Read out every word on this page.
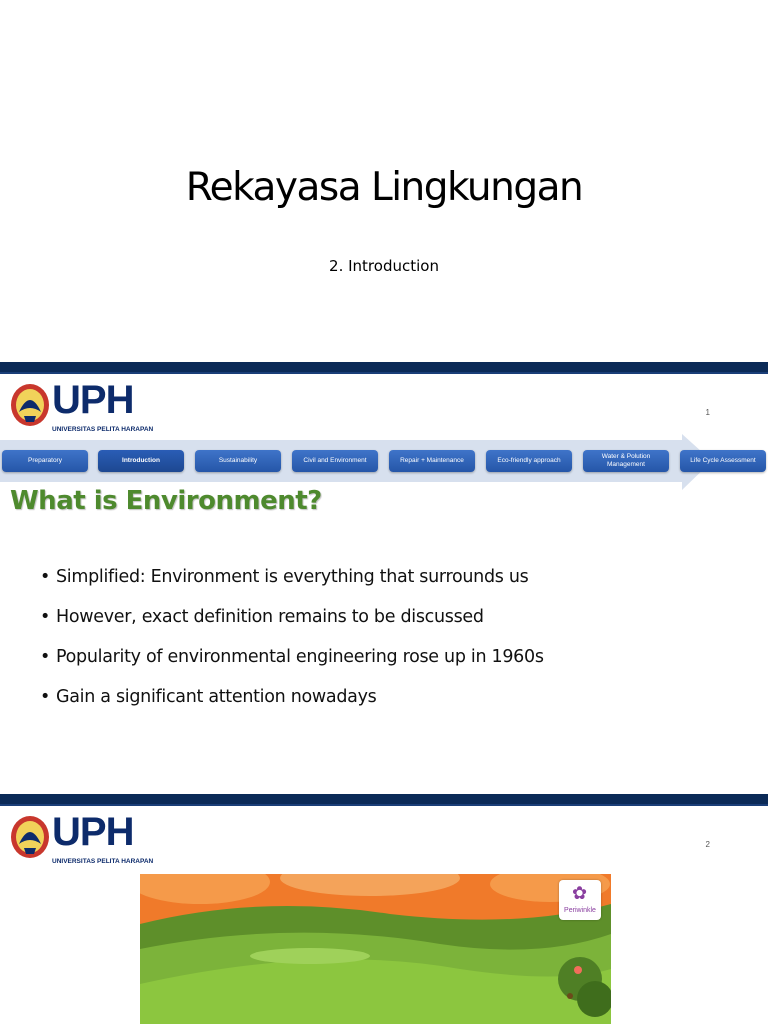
Rekayasa Lingkungan
2. Introduction
UPH
UNIVERSITAS PELITA HARAPAN
1
Preparatory	Introduction	Sustainability	Civil and Environment	Repair + Maintenance	Eco-friendly approach
Water & Polution Management
Life Cycle Assessment
What is Environment?
• Simplified: Environment is everything that surrounds us
• However, exact definition remains to be discussed
• Popularity of environmental engineering rose up in 1960s
• Gain a significant attention nowadays
UPH
UNIVERSITAS PELITA HARAPAN
2
✿
Periwinkle
